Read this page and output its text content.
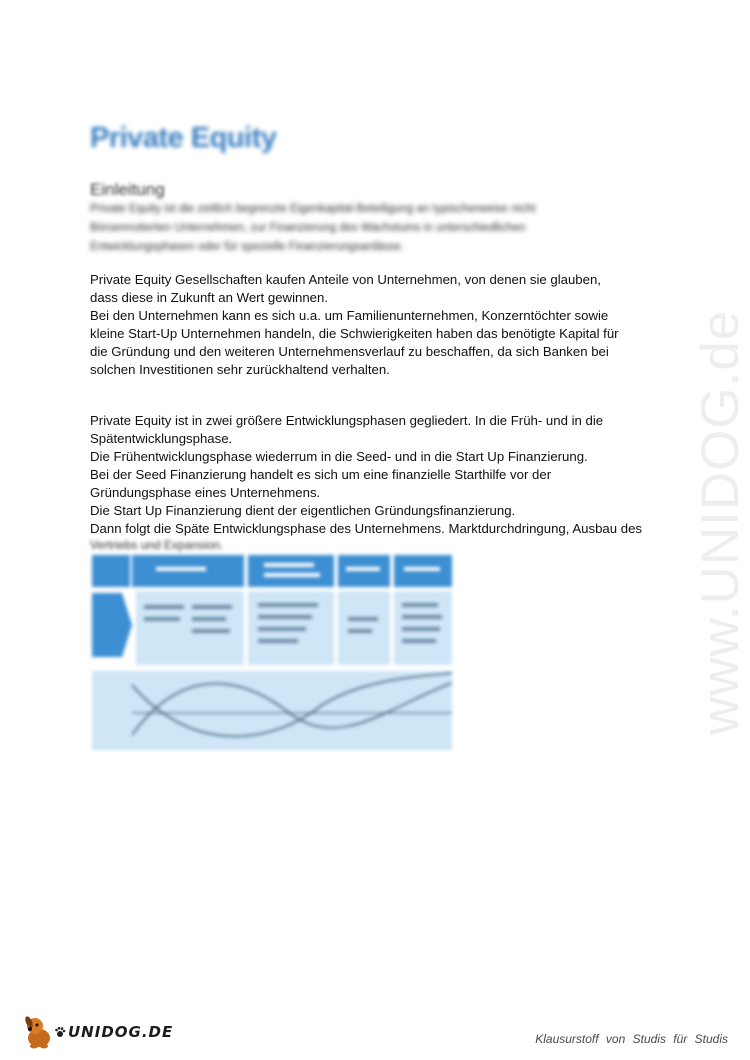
Private Equity
Einleitung
Private Equity ist die zeitlich begrenzte Eigenkapital-Beteiligung an typischerweise nicht
Börsennotierten Unternehmen, zur Finanzierung des Wachstums in unterschiedlichen
Entwicklungsphasen oder für spezielle Finanzierungsanlässe.
Private Equity Gesellschaften kaufen Anteile von Unternehmen, von denen sie glauben,
dass diese in Zukunft an Wert gewinnen.
Bei den Unternehmen kann es sich u.a. um Familienunternehmen, Konzerntöchter sowie
kleine Start-Up Unternehmen handeln, die Schwierigkeiten haben das benötigte Kapital für
die Gründung und den weiteren Unternehmensverlauf zu beschaffen, da sich Banken bei
solchen Investitionen sehr zurückhaltend verhalten.
Private Equity ist in zwei größere Entwicklungsphasen gegliedert. In die Früh- und in die
Spätentwicklungsphase.
Die Frühentwicklungsphase wiederrum in die Seed- und in die Start Up Finanzierung.
Bei der Seed Finanzierung handelt es sich um eine finanzielle Starthilfe vor der
Gründungsphase eines Unternehmens.
Die Start Up Finanzierung dient der eigentlichen Gründungsfinanzierung.
Dann folgt die Späte Entwicklungsphase des Unternehmens. Marktdurchdringung, Ausbau des
Vertriebs und Expansion.	www.UNIDOG.de
UNIDOG.DE	Klausurstoff von Studis für Studis
